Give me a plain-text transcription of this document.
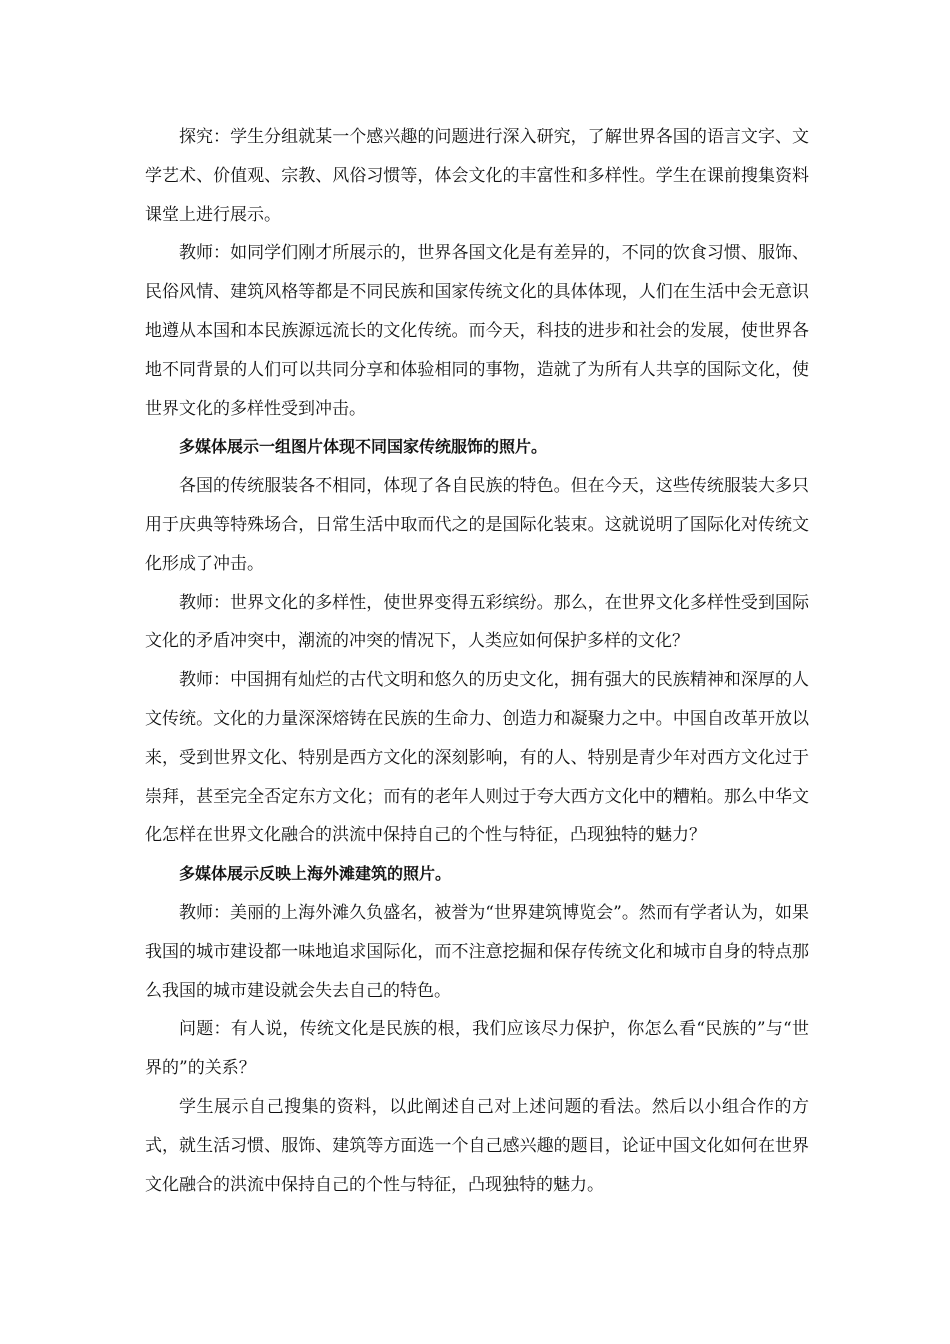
探究：学生分组就某一个感兴趣的问题进行深入研究，了解世界各国的语言文字、文学艺术、价值观、宗教、风俗习惯等，体会文化的丰富性和多样性。学生在课前搜集资料课堂上进行展示。

教师：如同学们刚才所展示的，世界各国文化是有差异的，不同的饮食习惯、服饰、民俗风情、建筑风格等都是不同民族和国家传统文化的具体体现，人们在生活中会无意识地遵从本国和本民族源远流长的文化传统。而今天，科技的进步和社会的发展，使世界各地不同背景的人们可以共同分享和体验相同的事物，造就了为所有人共享的国际文化，使世界文化的多样性受到冲击。

多媒体展示一组图片体现不同国家传统服饰的照片。

各国的传统服装各不相同，体现了各自民族的特色。但在今天，这些传统服装大多只用于庆典等特殊场合，日常生活中取而代之的是国际化装束。这就说明了国际化对传统文化形成了冲击。

教师：世界文化的多样性，使世界变得五彩缤纷。那么，在世界文化多样性受到国际文化的矛盾冲突中，潮流的冲突的情况下，人类应如何保护多样的文化？

教师：中国拥有灿烂的古代文明和悠久的历史文化，拥有强大的民族精神和深厚的人文传统。文化的力量深深熔铸在民族的生命力、创造力和凝聚力之中。中国自改革开放以来，受到世界文化、特别是西方文化的深刻影响，有的人、特别是青少年对西方文化过于崇拜，甚至完全否定东方文化；而有的老年人则过于夸大西方文化中的糟粕。那么中华文化怎样在世界文化融合的洪流中保持自己的个性与特征，凸现独特的魅力？

多媒体展示反映上海外滩建筑的照片。

教师：美丽的上海外滩久负盛名，被誉为“世界建筑博览会”。然而有学者认为，如果我国的城市建设都一味地追求国际化，而不注意挖掘和保存传统文化和城市自身的特点那么我国的城市建设就会失去自己的特色。

问题：有人说，传统文化是民族的根，我们应该尽力保护，你怎么看“民族的”与“世界的”的关系？

学生展示自己搜集的资料，以此阐述自己对上述问题的看法。然后以小组合作的方式，就生活习惯、服饰、建筑等方面选一个自己感兴趣的题目，论证中国文化如何在世界文化融合的洪流中保持自己的个性与特征，凸现独特的魅力。
